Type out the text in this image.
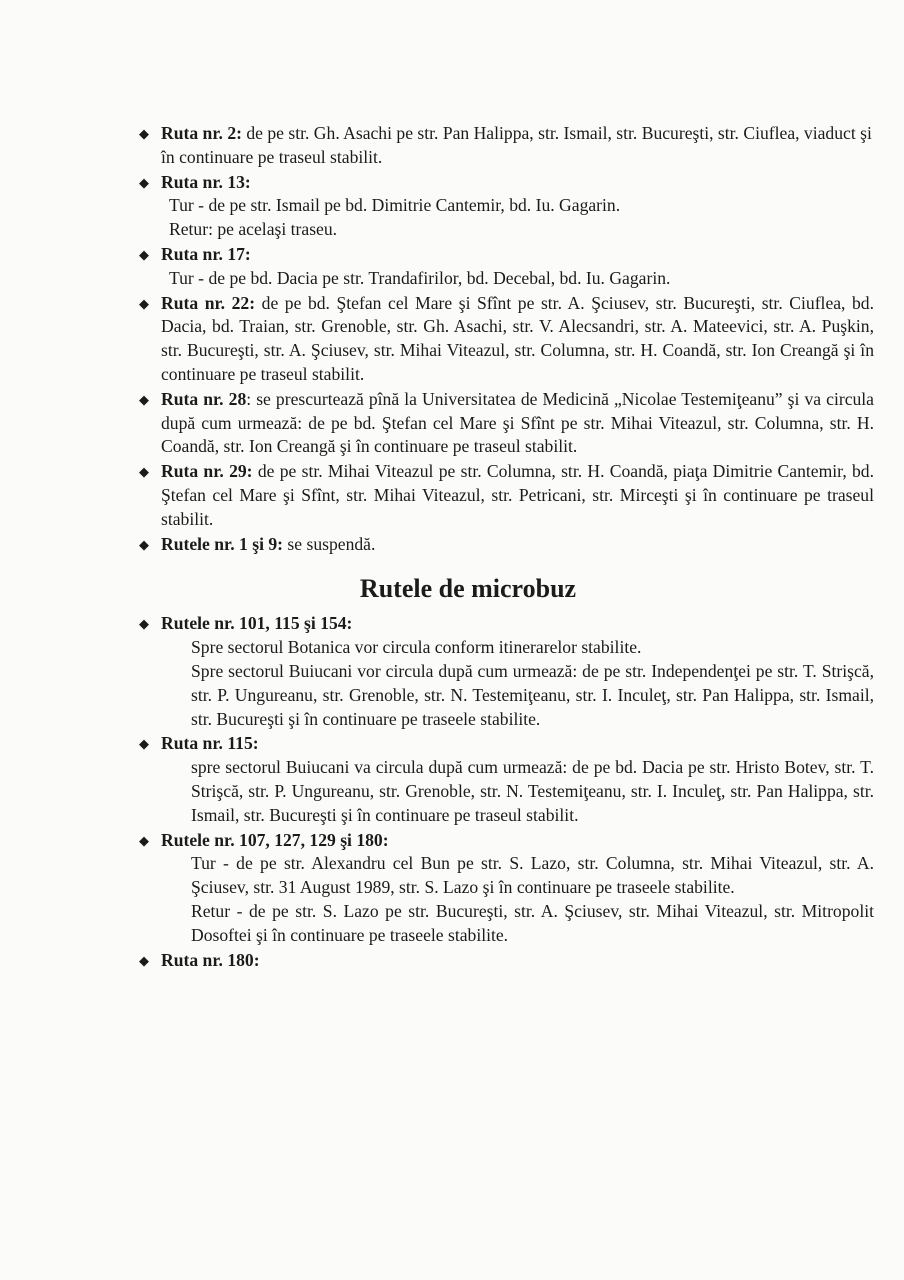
◆ Ruta nr. 2: de pe str. Gh. Asachi pe str. Pan Halippa, str. Ismail, str. Bucureşti, str. Ciuflea, viaduct şi în continuare pe traseul stabilit.
◆ Ruta nr. 13:
Tur - de pe str. Ismail pe bd. Dimitrie Cantemir, bd. Iu. Gagarin.
Retur: pe acelaşi traseu.
◆ Ruta nr. 17:
Tur - de pe bd. Dacia pe str. Trandafirilor, bd. Decebal, bd. Iu. Gagarin.
◆ Ruta nr. 22: de pe bd. Ştefan cel Mare şi Sfînt pe str. A. Şciusev, str. Bucureşti, str. Ciuflea, bd. Dacia, bd. Traian, str. Grenoble, str. Gh. Asachi, str. V. Alecsandri, str. A. Mateevici, str. A. Puşkin, str. Bucureşti, str. A. Şciusev, str. Mihai Viteazul, str. Columna, str. H. Coandă, str. Ion Creangă şi în continuare pe traseul stabilit.
◆ Ruta nr. 28: se prescurtează pînă la Universitatea de Medicină „Nicolae Testemiţeanu” şi va circula după cum urmează: de pe bd. Ştefan cel Mare şi Sfînt pe str. Mihai Viteazul, str. Columna, str. H. Coandă, str. Ion Creangă şi în continuare pe traseul stabilit.
◆ Ruta nr. 29: de pe str. Mihai Viteazul pe str. Columna, str. H. Coandă, piaţa Dimitrie Cantemir, bd. Ştefan cel Mare şi Sfînt, str. Mihai Viteazul, str. Petricani, str. Mirceşti şi în continuare pe traseul stabilit.
◆ Rutele nr. 1 şi 9: se suspendă.
Rutele de microbuz
◆ Rutele nr. 101, 115 şi 154:
Spre sectorul Botanica vor circula conform itinerarelor stabilite.
Spre sectorul Buiucani vor circula după cum urmează: de pe str. Independenţei pe str. T. Strişcă, str. P. Ungureanu, str. Grenoble, str. N. Testemiţeanu, str. I. Inculeţ, str. Pan Halippa, str. Ismail, str. Bucureşti şi în continuare pe traseele stabilite.
◆ Ruta nr. 115:
spre sectorul Buiucani va circula după cum urmează: de pe bd. Dacia pe str. Hristo Botev, str. T. Strişcă, str. P. Ungureanu, str. Grenoble, str. N. Testemiţeanu, str. I. Inculeţ, str. Pan Halippa, str. Ismail, str. Bucureşti şi în continuare pe traseul stabilit.
◆ Rutele nr. 107, 127, 129 şi 180:
Tur - de pe str. Alexandru cel Bun pe str. S. Lazo, str. Columna, str. Mihai Viteazul, str. A. Şciusev, str. 31 August 1989, str. S. Lazo şi în continuare pe traseele stabilite.
Retur - de pe str. S. Lazo pe str. Bucureşti, str. A. Şciusev, str. Mihai Viteazul, str. Mitropolit Dosoftei şi în continuare pe traseele stabilite.
◆ Ruta nr. 180:
